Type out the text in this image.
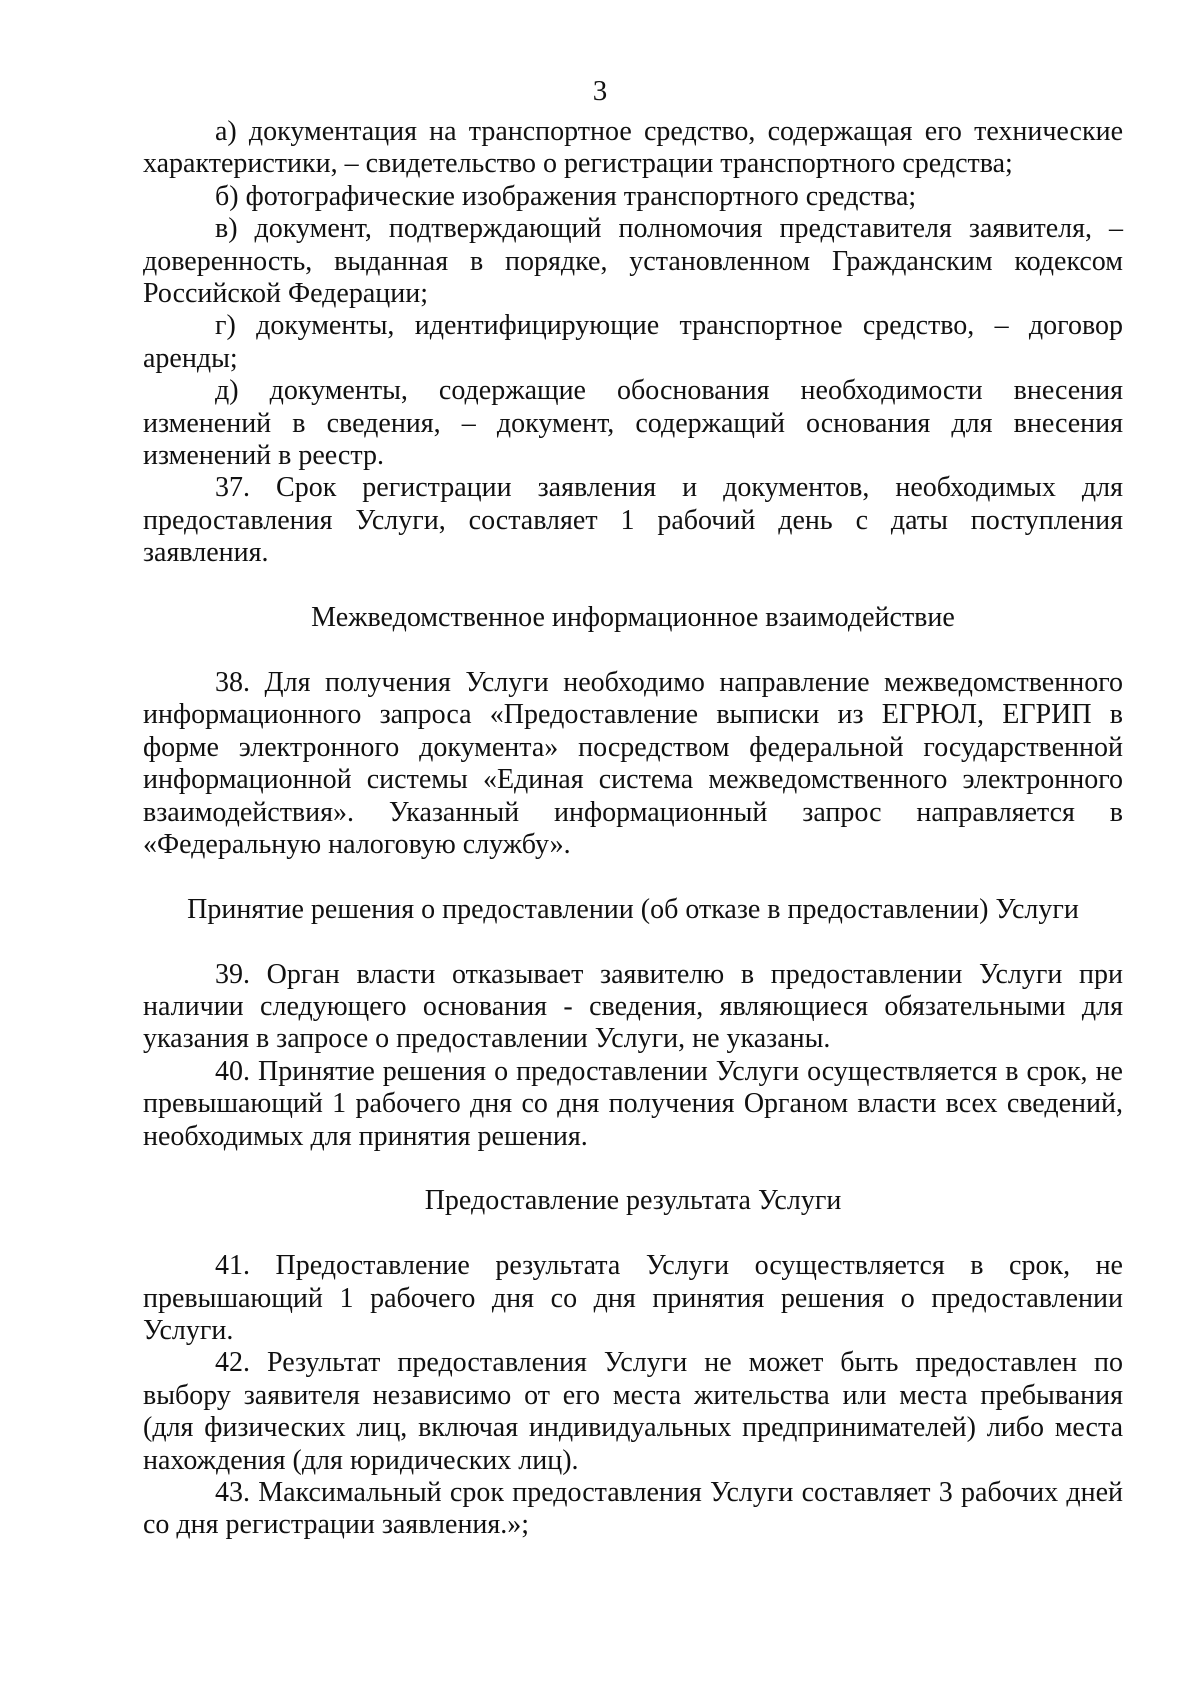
3

а) документация на транспортное средство, содержащая его технические характеристики, – свидетельство о регистрации транспортного средства;

б) фотографические изображения транспортного средства;

в) документ, подтверждающий полномочия представителя заявителя, – доверенность, выданная в порядке, установленном Гражданским кодексом Российской Федерации;

г) документы, идентифицирующие транспортное средство, – договор аренды;

д) документы, содержащие обоснования необходимости внесения изменений в сведения, – документ, содержащий основания для внесения изменений в реестр.

37. Срок регистрации заявления и документов, необходимых для предоставления Услуги, составляет 1 рабочий день с даты поступления заявления.

Межведомственное информационное взаимодействие

38. Для получения Услуги необходимо направление межведомственного информационного запроса «Предоставление выписки из ЕГРЮЛ, ЕГРИП в форме электронного документа» посредством федеральной государственной информационной системы «Единая система межведомственного электронного взаимодействия». Указанный информационный запрос направляется в «Федеральную налоговую службу».

Принятие решения о предоставлении (об отказе в предоставлении) Услуги

39. Орган власти отказывает заявителю в предоставлении Услуги при наличии следующего основания - сведения, являющиеся обязательными для указания в запросе о предоставлении Услуги, не указаны.

40. Принятие решения о предоставлении Услуги осуществляется в срок, не превышающий 1 рабочего дня со дня получения Органом власти всех сведений, необходимых для принятия решения.

Предоставление результата Услуги

41. Предоставление результата Услуги осуществляется в срок, не превышающий 1 рабочего дня со дня принятия решения о предоставлении Услуги.

42. Результат предоставления Услуги не может быть предоставлен по выбору заявителя независимо от его места жительства или места пребывания (для физических лиц, включая индивидуальных предпринимателей) либо места нахождения (для юридических лиц).

43. Максимальный срок предоставления Услуги составляет 3 рабочих дней со дня регистрации заявления.»;
